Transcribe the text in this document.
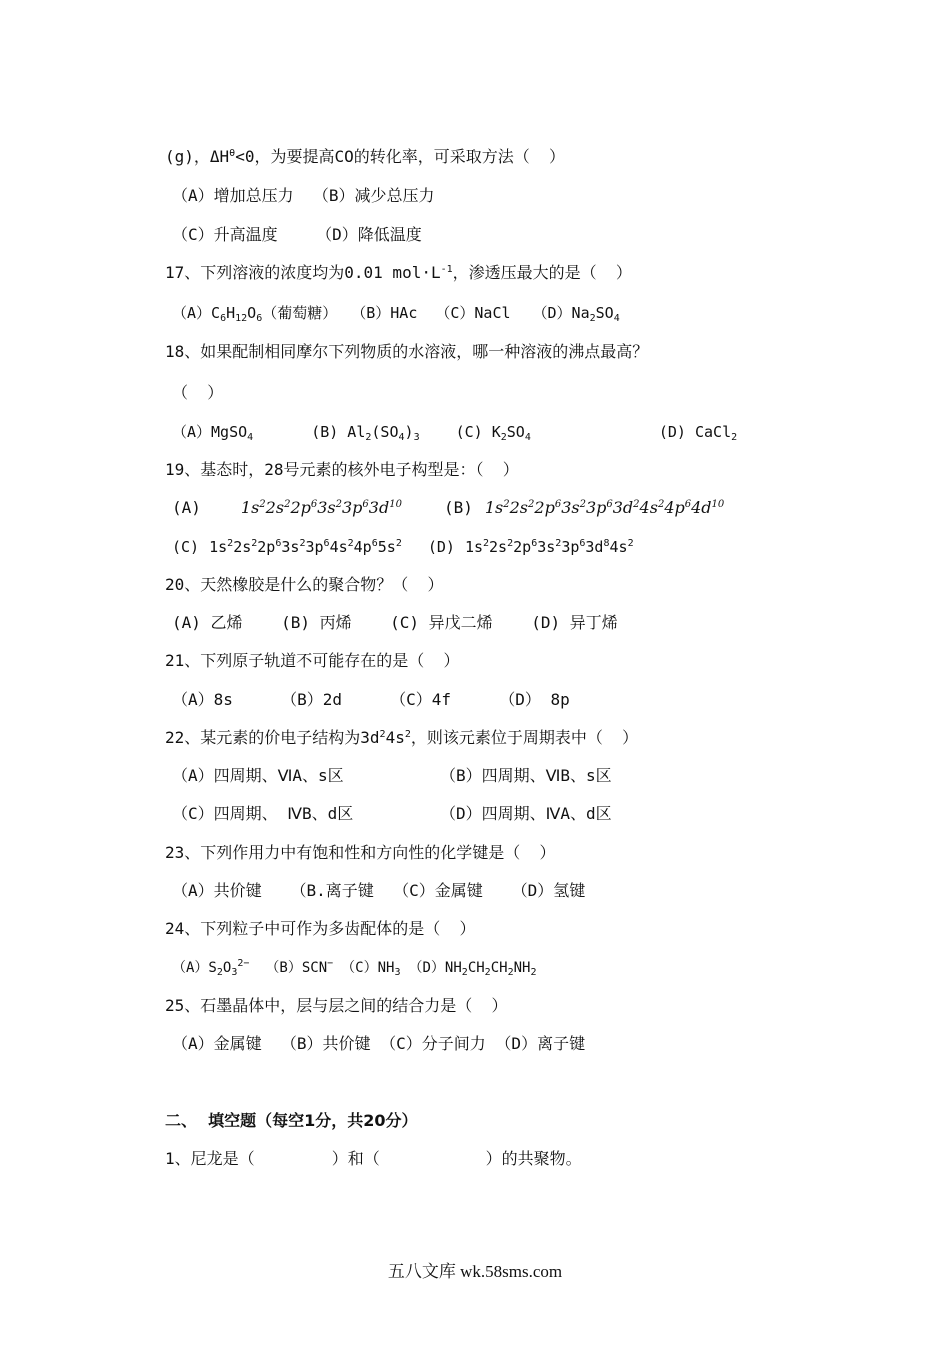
(g)，$\Delta H^\theta<0$，为要提高CO的转化率，可采取方法（  ）
（A）增加总压力  （B）减少总压力
（C）升高温度    （D）降低温度
17、下列溶液的浓度均为0.01 $mol\cdot L^{-1}$，渗透压最大的是（  ）
$(A)C_6H_{12}O_6$（葡萄糖） （B）HAc （C）NaCl $(D)Na_2SO_4$
18、如果配制相同摩尔下列物质的水溶液，哪一种溶液的沸点最高？
（  ）
（A）MgSO$_4$	(B) $Al_2(SO_4)_3$ (C) $K_2SO_4$	(D) CaCl$_2$
19、基态时，28号元素的核外电子构型是：（  ）
(A)	$1s^22s^22p^63s^23p^63d^{10}$	(B) $1s^22s^22p^63s^23p^63d^24s^24p^64d^{10}$
(C) $1s^22s^22p^63s^23p^64s^24p^65s^2$ (D) $1s^22s^22p^63s^23p^63d^84s^2$
20、天然橡胶是什么的聚合物？（  ）
(A) 乙烯    (B) 丙烯    (C) 异戊二烯    (D) 异丁烯
21、下列原子轨道不可能存在的是（  ）
（A）8s     （B）2d     （C）4f     （D） 8p
22、某元素的价电子结构为$3d^24s^2$，则该元素位于周期表中（  ）
（A）四周期、ⅥA、s区          （B）四周期、ⅥB、s区
（C）四周期、 ⅣB、d区         （D）四周期、ⅣA、d区
23、下列作用力中有饱和性和方向性的化学键是（  ）
（A）共价键   （B.离子键  （C）金属键   （D）氢键
24、下列粒子中可作为多齿配体的是（  ）
$(A)S_2O_3^{2-}$ （B）SCN− $(C)NH_3$ $(D)NH_2CH_2CH_2NH_2$
25、石墨晶体中，层与层之间的结合力是（  ）
（A）金属键  （B）共价键 （C）分子间力 （D）离子键
二、  填空题（每空1分，共20分）
1、尼龙是（        ）和（           ）的共聚物。
五八文库 wk.58sms.com
